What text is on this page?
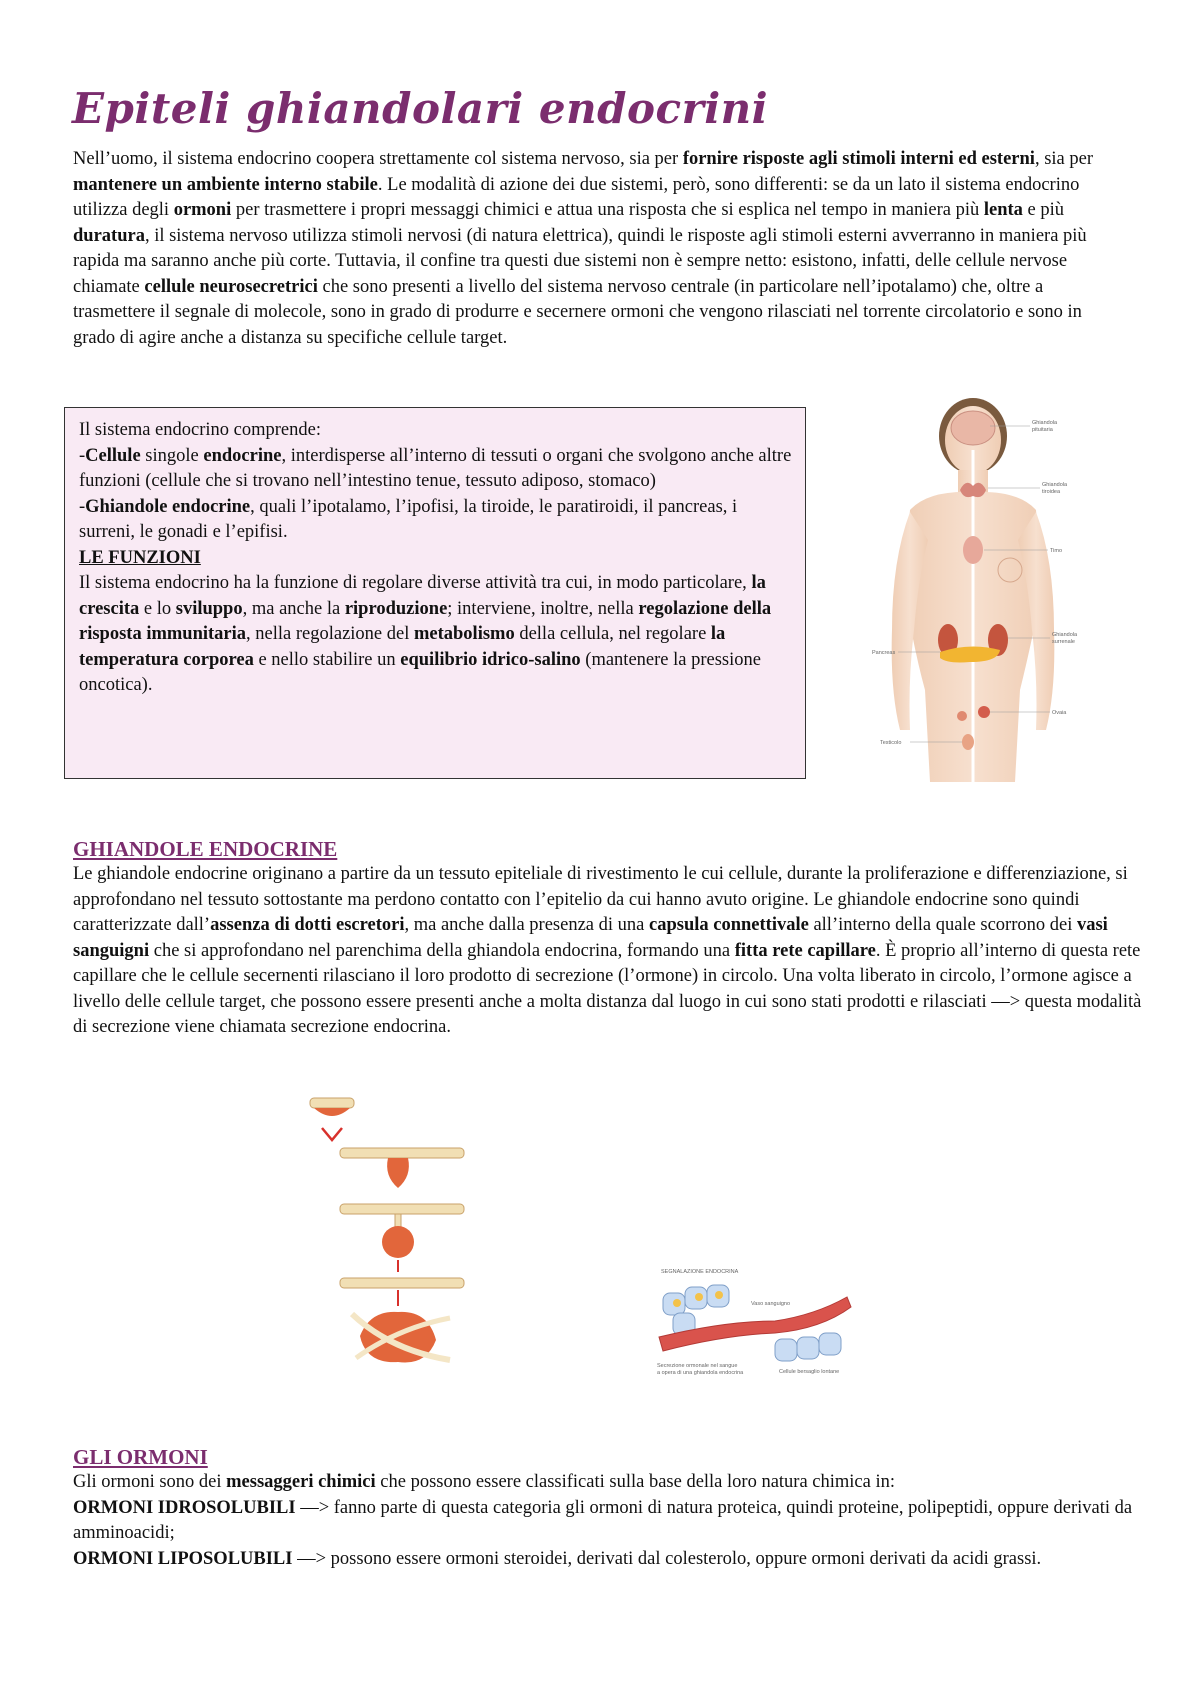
Epiteli ghiandolari endocrini

Nell’uomo, il sistema endocrino coopera strettamente col sistema nervoso, sia per fornire risposte agli stimoli interni ed esterni, sia per mantenere un ambiente interno stabile. Le modalità di azione dei due sistemi, però, sono differenti: se da un lato il sistema endocrino utilizza degli ormoni per trasmettere i propri messaggi chimici e attua una risposta che si esplica nel tempo in maniera più lenta e più duratura, il sistema nervoso utilizza stimoli nervosi (di natura elettrica), quindi le risposte agli stimoli esterni avverranno in maniera più rapida ma saranno anche più corte. Tuttavia, il confine tra questi due sistemi non è sempre netto: esistono, infatti, delle cellule nervose chiamate cellule neurosecretrici che sono presenti a livello del sistema nervoso centrale (in particolare nell’ipotalamo) che, oltre a trasmettere il segnale di molecole, sono in grado di produrre e secernere ormoni che vengono rilasciati nel torrente circolatorio e sono in grado di agire anche a distanza su specifiche cellule target.

Il sistema endocrino comprende:

-Cellule singole endocrine, interdisperse all’interno di tessuti o organi che svolgono anche altre funzioni (cellule che si trovano nell’intestino tenue, tessuto adiposo, stomaco)

-Ghiandole endocrine, quali l’ipotalamo, l’ipofisi, la tiroide, le paratiroidi, il pancreas, i surreni, le gonadi e l’epifisi.

LE FUNZIONI

Il sistema endocrino ha la funzione di regolare diverse attività tra cui, in modo particolare, la crescita e lo sviluppo, ma anche la riproduzione; interviene, inoltre, nella regolazione della risposta immunitaria, nella regolazione del metabolismo della cellula, nel regolare la temperatura corporea e nello stabilire un equilibrio idrico-salino (mantenere la pressione oncotica).

Ghiandola
pituitaria
Ghiandola
tiroidea
Timo
Ghiandola
surrenale
Pancreas
Ovaia
Testicolo
GHIANDOLE ENDOCRINE

Le ghiandole endocrine originano a partire da un tessuto epiteliale di rivestimento le cui cellule, durante la proliferazione e differenziazione, si approfondano nel tessuto sottostante ma perdono contatto con l’epitelio da cui hanno avuto origine. Le ghiandole endocrine sono quindi caratterizzate dall’assenza di dotti escretori, ma anche dalla presenza di una capsula connettivale all’interno della quale scorrono dei vasi sanguigni che si approfondano nel parenchima della ghiandola endocrina, formando una fitta rete capillare. È proprio all’interno di questa rete capillare che le cellule secernenti rilasciano il loro prodotto di secrezione (l’ormone) in circolo. Una volta liberato in circolo, l’ormone agisce a livello delle cellule target, che possono essere presenti anche a molta distanza dal luogo in cui sono stati prodotti e rilasciati —> questa modalità di secrezione viene chiamata secrezione endocrina.

SEGNALAZIONE ENDOCRINA
Vaso sanguigno
Secrezione ormonale nel sangue
a opera di una ghiandola endocrina	Cellule bersaglio lontane
GLI ORMONI

Gli ormoni sono dei messaggeri chimici che possono essere classificati sulla base della loro natura chimica in:
ORMONI IDROSOLUBILI —> fanno parte di questa categoria gli ormoni di natura proteica, quindi proteine, polipeptidi, oppure derivati da amminoacidi;
ORMONI LIPOSOLUBILI —> possono essere ormoni steroidei, derivati dal colesterolo, oppure ormoni derivati da acidi grassi.
